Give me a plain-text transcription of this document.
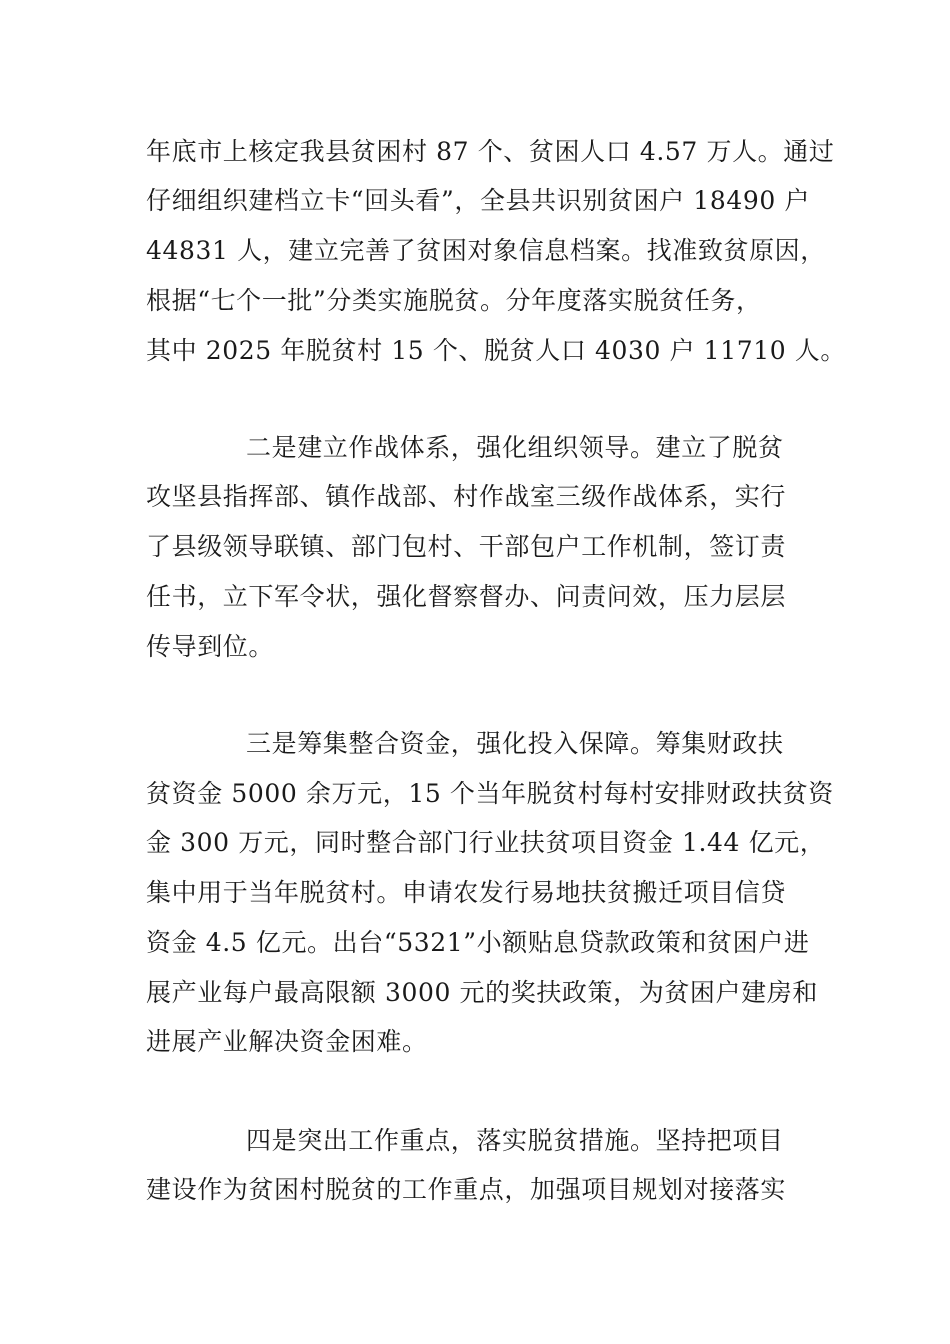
年底市上核定我县贫困村 87 个、贫困人口 4.57 万人。通过
仔细组织建档立卡“回头看”，全县共识别贫困户 18490 户
44831 人，建立完善了贫困对象信息档案。找准致贫原因，
根据“七个一批”分类实施脱贫。分年度落实脱贫任务，
其中 2025 年脱贫村 15 个、脱贫人口 4030 户 11710 人。
二是建立作战体系，强化组织领导。建立了脱贫
攻坚县指挥部、镇作战部、村作战室三级作战体系，实行
了县级领导联镇、部门包村、干部包户工作机制，签订责
任书，立下军令状，强化督察督办、问责问效，压力层层
传导到位。
三是筹集整合资金，强化投入保障。筹集财政扶
贫资金 5000 余万元，15 个当年脱贫村每村安排财政扶贫资
金 300 万元，同时整合部门行业扶贫项目资金 1.44 亿元，
集中用于当年脱贫村。申请农发行易地扶贫搬迁项目信贷
资金 4.5 亿元。出台“5321”小额贴息贷款政策和贫困户进
展产业每户最高限额 3000 元的奖扶政策，为贫困户建房和
进展产业解决资金困难。
四是突出工作重点，落实脱贫措施。坚持把项目
建设作为贫困村脱贫的工作重点，加强项目规划对接落实
